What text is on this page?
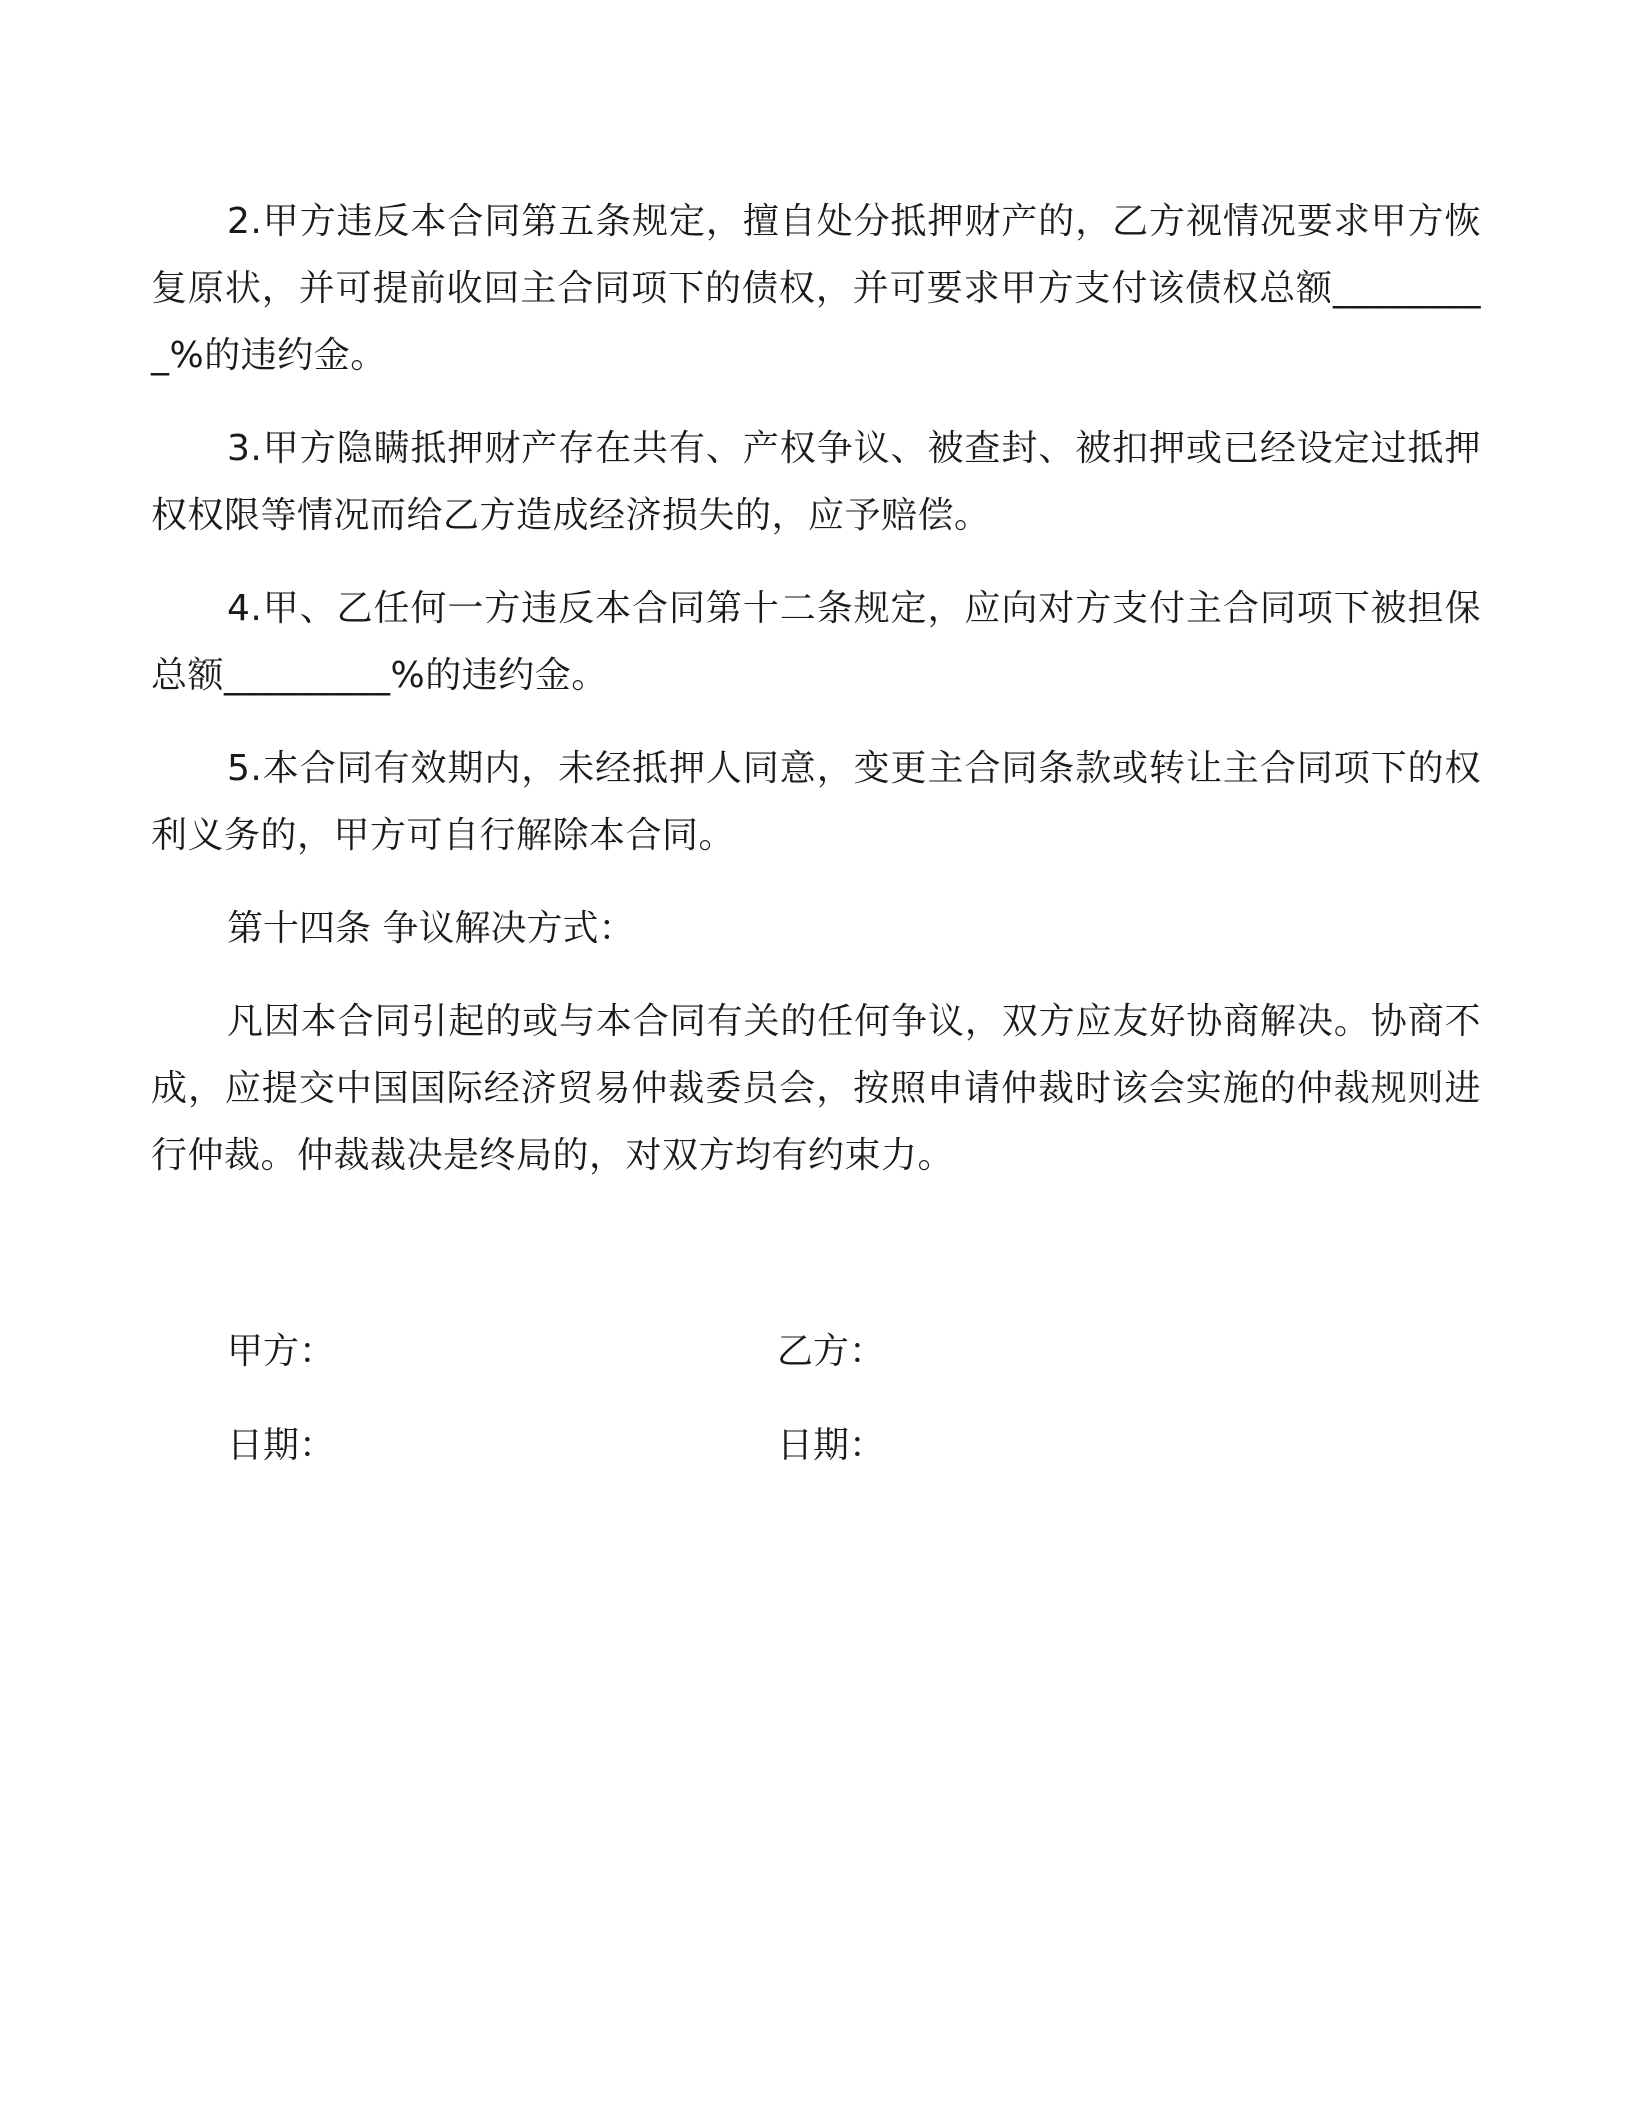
2.甲方违反本合同第五条规定，擅自处分抵押财产的，乙方视情况要求甲方恢复原状，并可提前收回主合同项下的债权，并可要求甲方支付该债权总额_________%的违约金。

3.甲方隐瞒抵押财产存在共有、产权争议、被查封、被扣押或已经设定过抵押权权限等情况而给乙方造成经济损失的，应予赔偿。

4.甲、乙任何一方违反本合同第十二条规定，应向对方支付主合同项下被担保总额_________%的违约金。

5.本合同有效期内，未经抵押人同意，变更主合同条款或转让主合同项下的权利义务的，甲方可自行解除本合同。

第十四条 争议解决方式：

凡因本合同引起的或与本合同有关的任何争议，双方应友好协商解决。协商不成，应提交中国国际经济贸易仲裁委员会，按照申请仲裁时该会实施的仲裁规则进行仲裁。仲裁裁决是终局的，对双方均有约束力。

甲方：	乙方：
日期：	日期：
